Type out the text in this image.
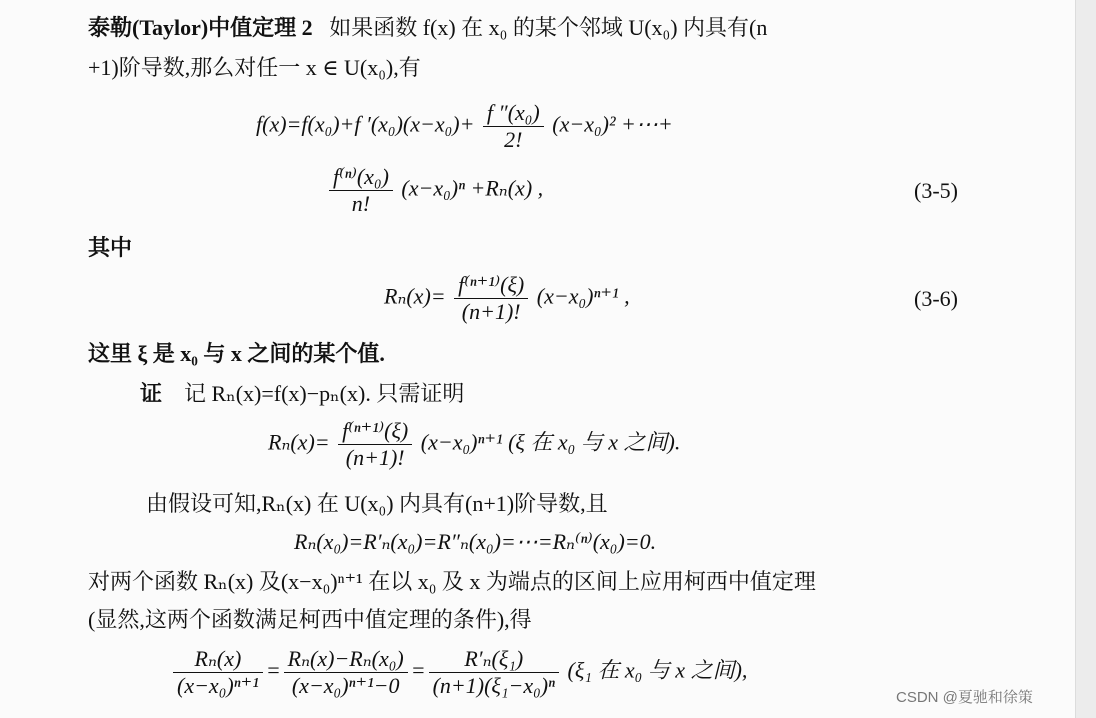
泰勒(Taylor)中值定理 2 如果函数 f(x) 在 x₀ 的某个邻域 U(x₀) 内具有(n
+1)阶导数,那么对任一 x ∈ U(x₀),有
f(x)=f(x₀)+f $'(x_0)(x-x_0)+ \frac{\text{f ″(x₀)}}{2!} (x-x_0)^2$ +⋯+
$\frac{\text{f⁽ⁿ⁾(x₀)}}{n!} (x-x_0)^n +R_n(x)$ ,	(3-5)
其中
$R_n(x)= \frac{\text{f⁽ⁿ⁺¹⁾(ξ)}}{(n+1)!} (x-x_0)^{n+1}$ ,	(3-6)
这里 ξ 是 x₀ 与 x 之间的某个值.
证 记 Rₙ(x)=f(x)−pₙ(x). 只需证明
$R_n(x)= \frac{\text{f⁽ⁿ⁺¹⁾(ξ)}}{(n+1)!} (x-x_0)^{n+1}$ (ξ 在 x₀ 与 x 之间).
由假设可知,Rₙ(x) 在 U(x₀) 内具有(n+1)阶导数,且
Rₙ(x₀)=R′ₙ(x₀)=R″ₙ(x₀)=⋯=Rₙ⁽ⁿ⁾(x₀)=0.
对两个函数 Rₙ(x) 及(x−x₀)ⁿ⁺¹ 在以 x₀ 及 x 为端点的区间上应用柯西中值定理
(显然,这两个函数满足柯西中值定理的条件),得
$\frac{\text{Rₙ(x)}}{\text{(x−x₀)ⁿ⁺¹}} = \frac{\text{Rₙ(x)−Rₙ(x₀)}}{\text{(x−x₀)ⁿ⁺¹−0}} = \frac{\text{R′ₙ(ξ₁)}}{\text{(n+1)(ξ₁−x₀)ⁿ}} (\xi_1$ 在 x₀ 与 x 之间),
CSDN @夏驰和徐策
